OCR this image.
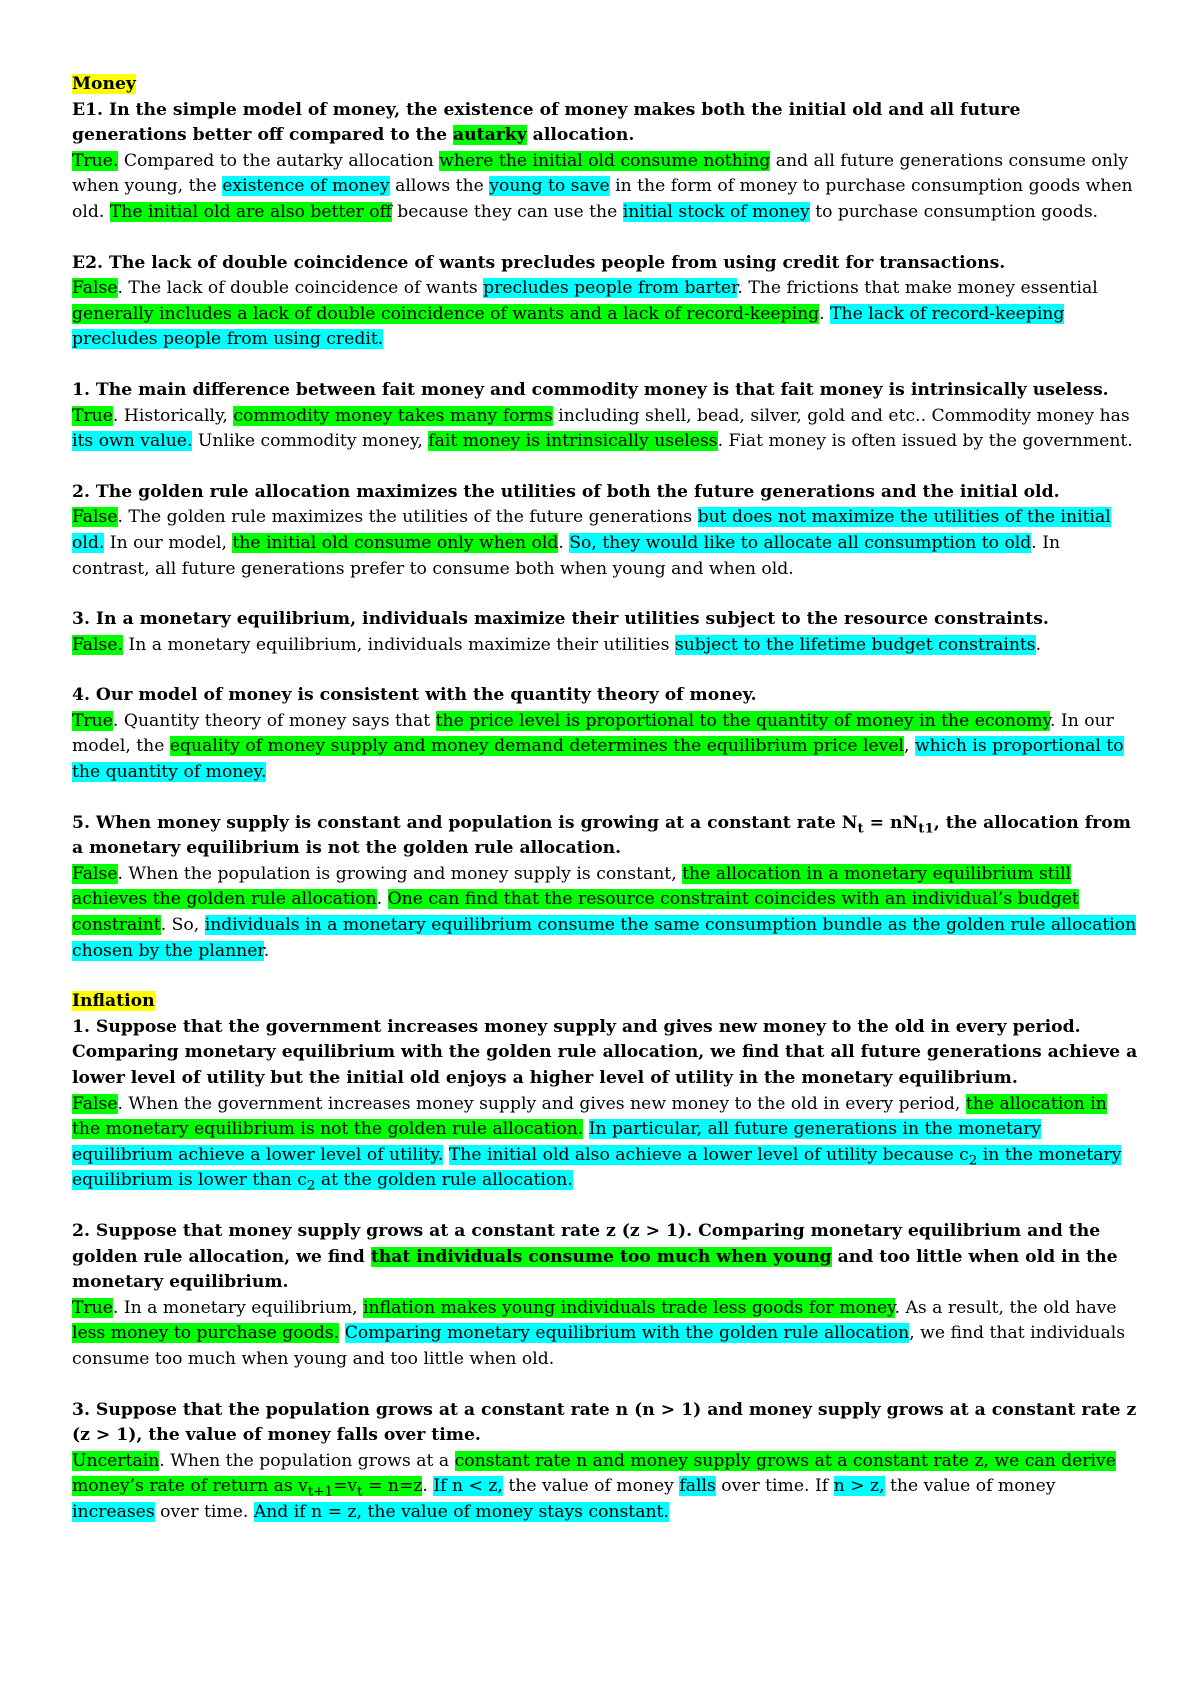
Money

E1. In the simple model of money, the existence of money makes both the initial old and all future generations better off compared to the autarky allocation.

True. Compared to the autarky allocation where the initial old consume nothing and all future generations consume only when young, the existence of money allows the young to save in the form of money to purchase consumption goods when old. The initial old are also better off because they can use the initial stock of money to purchase consumption goods.

E2. The lack of double coincidence of wants precludes people from using credit for transactions.

False. The lack of double coincidence of wants precludes people from barter. The frictions that make money essential generally includes a lack of double coincidence of wants and a lack of record-keeping. The lack of record-keeping precludes people from using credit.

1. The main difference between fait money and commodity money is that fait money is intrinsically useless.

True. Historically, commodity money takes many forms including shell, bead, silver, gold and etc.. Commodity money has its own value. Unlike commodity money, fait money is intrinsically useless. Fiat money is often issued by the government.

2. The golden rule allocation maximizes the utilities of both the future generations and the initial old.

False. The golden rule maximizes the utilities of the future generations but does not maximize the utilities of the initial old. In our model, the initial old consume only when old. So, they would like to allocate all consumption to old. In contrast, all future generations prefer to consume both when young and when old.

3. In a monetary equilibrium, individuals maximize their utilities subject to the resource constraints.

False. In a monetary equilibrium, individuals maximize their utilities subject to the lifetime budget constraints.

4. Our model of money is consistent with the quantity theory of money.

True. Quantity theory of money says that the price level is proportional to the quantity of money in the economy. In our model, the equality of money supply and money demand determines the equilibrium price level, which is proportional to the quantity of money.

5. When money supply is constant and population is growing at a constant rate $N_t = nN_{t1}$, the allocation from a monetary equilibrium is not the golden rule allocation.

False. When the population is growing and money supply is constant, the allocation in a monetary equilibrium still achieves the golden rule allocation. One can find that the resource constraint coincides with an individual’s budget constraint. So, individuals in a monetary equilibrium consume the same consumption bundle as the golden rule allocation chosen by the planner.

Inflation

1. Suppose that the government increases money supply and gives new money to the old in every period. Comparing monetary equilibrium with the golden rule allocation, we find that all future generations achieve a lower level of utility but the initial old enjoys a higher level of utility in the monetary equilibrium.

False. When the government increases money supply and gives new money to the old in every period, the allocation in the monetary equilibrium is not the golden rule allocation. In particular, all future generations in the monetary equilibrium achieve a lower level of utility. The initial old also achieve a lower level of utility because $c_2$ in the monetary equilibrium is lower than $c_2$ at the golden rule allocation.

2. Suppose that money supply grows at a constant rate z (z > 1). Comparing monetary equilibrium and the golden rule allocation, we find that individuals consume too much when young and too little when old in the monetary equilibrium.

True. In a monetary equilibrium, inflation makes young individuals trade less goods for money. As a result, the old have less money to purchase goods. Comparing monetary equilibrium with the golden rule allocation, we find that individuals consume too much when young and too little when old.

3. Suppose that the population grows at a constant rate n (n > 1) and money supply grows at a constant rate z (z > 1), the value of money falls over time.

Uncertain. When the population grows at a constant rate n and money supply grows at a constant rate z, we can derive money’s rate of return as $v_{t+1}=v_t = n=z$. If n < z, the value of money falls over time. If n > z, the value of money increases over time. And if n = z, the value of money stays constant.
